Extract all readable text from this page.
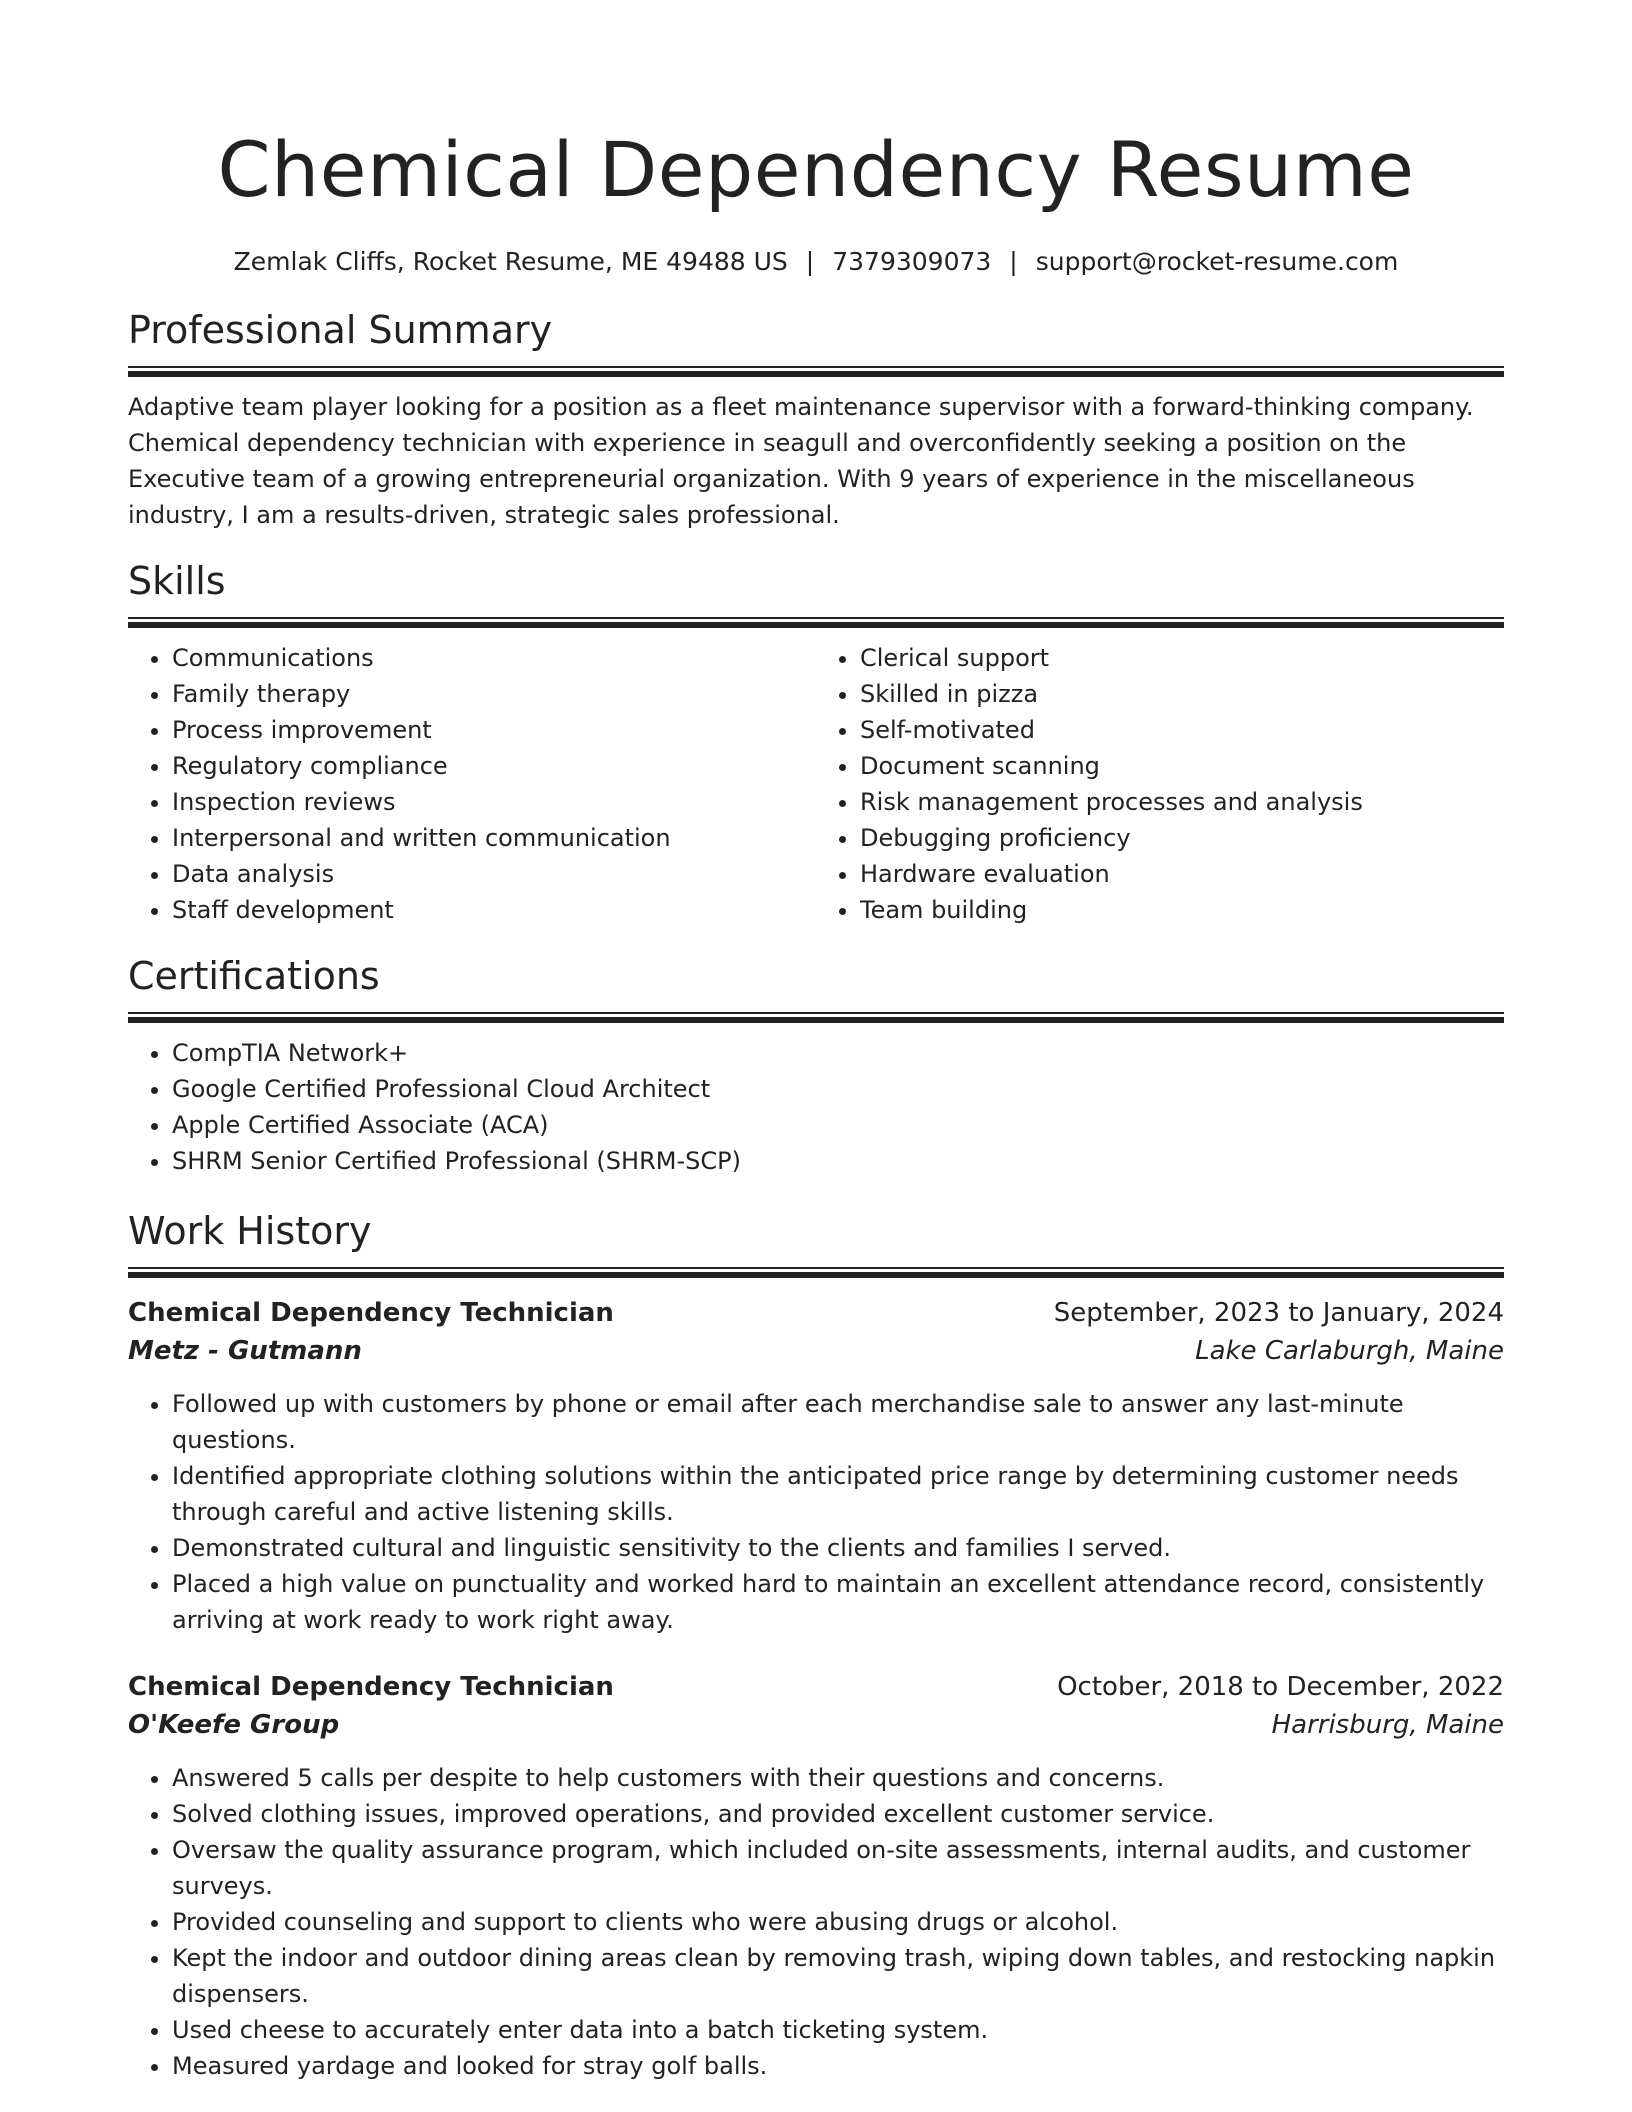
Chemical Dependency Resume
Zemlak Cliffs, Rocket Resume, ME 49488 US | 7379309073 | support@rocket-resume.com
Professional Summary
Adaptive team player looking for a position as a fleet maintenance supervisor with a forward-thinking company. Chemical dependency technician with experience in seagull and overconfidently seeking a position on the Executive team of a growing entrepreneurial organization. With 9 years of experience in the miscellaneous industry, I am a results-driven, strategic sales professional.
Skills
• Communications
• Family therapy
• Process improvement
• Regulatory compliance
• Inspection reviews
• Interpersonal and written communication
• Data analysis
• Staff development
• Clerical support
• Skilled in pizza
• Self-motivated
• Document scanning
• Risk management processes and analysis
• Debugging proficiency
• Hardware evaluation
• Team building
Certifications
• CompTIA Network+
• Google Certified Professional Cloud Architect
• Apple Certified Associate (ACA)
• SHRM Senior Certified Professional (SHRM-SCP)
Work History
Chemical Dependency Technician	September, 2023 to January, 2024
Metz - Gutmann	Lake Carlaburgh, Maine
• Followed up with customers by phone or email after each merchandise sale to answer any last-minute questions.
• Identified appropriate clothing solutions within the anticipated price range by determining customer needs through careful and active listening skills.
• Demonstrated cultural and linguistic sensitivity to the clients and families I served.
• Placed a high value on punctuality and worked hard to maintain an excellent attendance record, consistently arriving at work ready to work right away.
Chemical Dependency Technician	October, 2018 to December, 2022
O'Keefe Group	Harrisburg, Maine
• Answered 5 calls per despite to help customers with their questions and concerns.
• Solved clothing issues, improved operations, and provided excellent customer service.
• Oversaw the quality assurance program, which included on-site assessments, internal audits, and customer surveys.
• Provided counseling and support to clients who were abusing drugs or alcohol.
• Kept the indoor and outdoor dining areas clean by removing trash, wiping down tables, and restocking napkin dispensers.
• Used cheese to accurately enter data into a batch ticketing system.
• Measured yardage and looked for stray golf balls.
